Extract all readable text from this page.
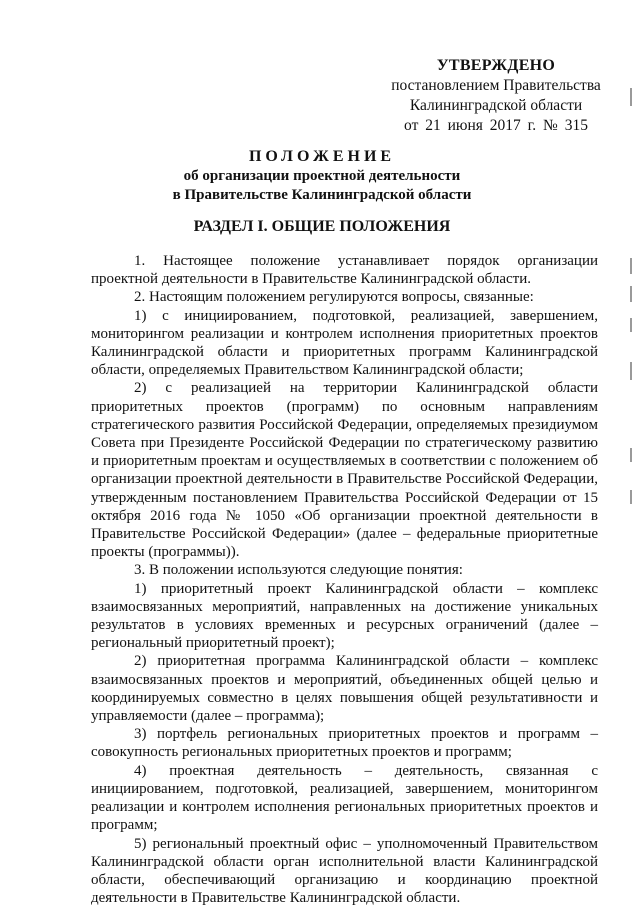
УТВЕРЖДЕНО
постановлением Правительства
Калининградской области
от 21 июня 2017 г. № 315
ПОЛОЖЕНИЕ
об организации проектной деятельности
в Правительстве Калининградской области
РАЗДЕЛ I. ОБЩИЕ ПОЛОЖЕНИЯ

1. Настоящее положение устанавливает порядок организации проектной деятельности в Правительстве Калининградской области.

2. Настоящим положением регулируются вопросы, связанные:

1) с инициированием, подготовкой, реализацией, завершением, мониторингом реализации и контролем исполнения приоритетных проектов Калининградской области и приоритетных программ Калининградской области, определяемых Правительством Калининградской области;

2) с реализацией на территории Калининградской области приоритетных проектов (программ) по основным направлениям стратегического развития Российской Федерации, определяемых президиумом Совета при Президенте Российской Федерации по стратегическому развитию и приоритетным проектам и осуществляемых в соответствии с положением об организации проектной деятельности в Правительстве Российской Федерации, утвержденным постановлением Правительства Российской Федерации от 15 октября 2016 года № 1050 «Об организации проектной деятельности в Правительстве Российской Федерации» (далее – федеральные приоритетные проекты (программы)).

3. В положении используются следующие понятия:

1) приоритетный проект Калининградской области – комплекс взаимосвязанных мероприятий, направленных на достижение уникальных результатов в условиях временных и ресурсных ограничений (далее – региональный приоритетный проект);

2) приоритетная программа Калининградской области – комплекс взаимосвязанных проектов и мероприятий, объединенных общей целью и координируемых совместно в целях повышения общей результативности и управляемости (далее – программа);

3) портфель региональных приоритетных проектов и программ – совокупность региональных приоритетных проектов и программ;

4) проектная деятельность – деятельность, связанная с инициированием, подготовкой, реализацией, завершением, мониторингом реализации и контролем исполнения региональных приоритетных проектов и программ;

5) региональный проектный офис – уполномоченный Правительством Калининградской области орган исполнительной власти Калининградской области, обеспечивающий организацию и координацию проектной деятельности в Правительстве Калининградской области.
